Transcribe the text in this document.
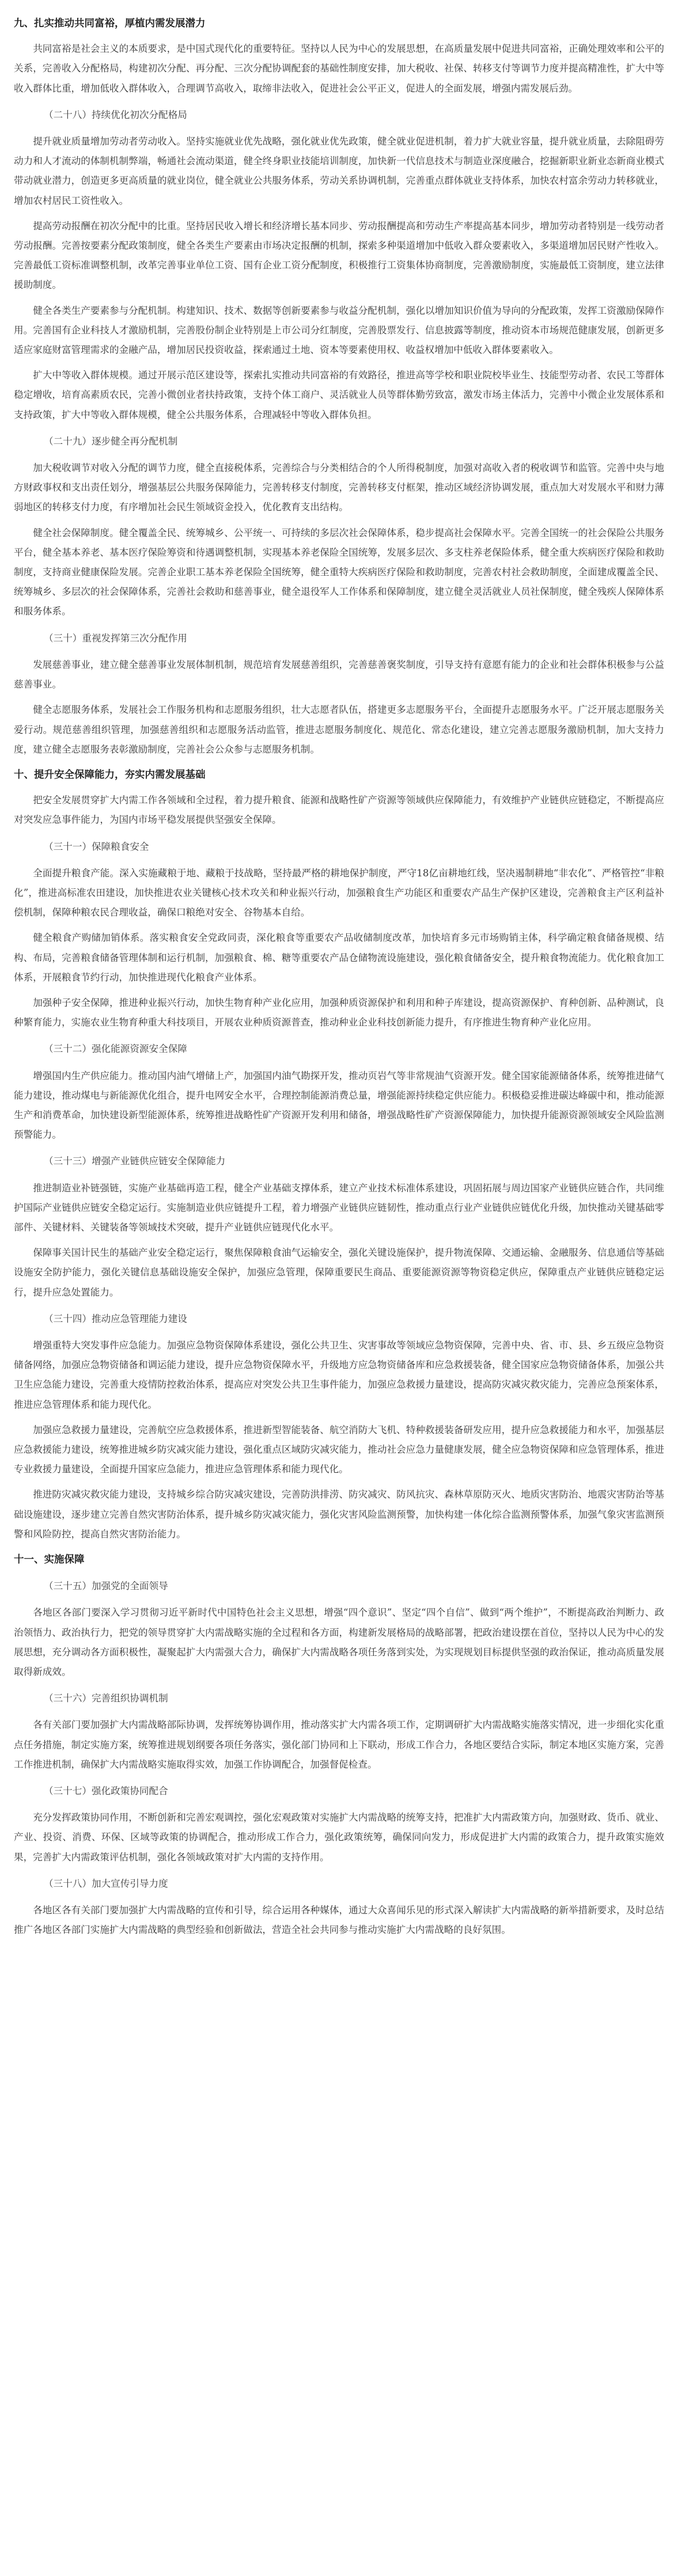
九、扎实推动共同富裕，厚植内需发展潜力
共同富裕是社会主义的本质要求，是中国式现代化的重要特征。坚持以人民为中心的发展思想，在高质量发展中促进共同富裕，正确处理效率和公平的关系，完善收入分配格局，构建初次分配、再分配、三次分配协调配套的基础性制度安排，加大税收、社保、转移支付等调节力度并提高精准性，扩大中等收入群体比重，增加低收入群体收入，合理调节高收入，取缔非法收入，促进社会公平正义，促进人的全面发展，增强内需发展后劲。
（二十八）持续优化初次分配格局
提升就业质量增加劳动者劳动收入。坚持实施就业优先战略，强化就业优先政策，健全就业促进机制，着力扩大就业容量，提升就业质量，去除阻碍劳动力和人才流动的体制机制弊端，畅通社会流动渠道，健全终身职业技能培训制度，加快新一代信息技术与制造业深度融合，挖掘新职业新业态新商业模式带动就业潜力，创造更多更高质量的就业岗位，健全就业公共服务体系，劳动关系协调机制，完善重点群体就业支持体系，加快农村富余劳动力转移就业，增加农村居民工资性收入。
提高劳动报酬在初次分配中的比重。坚持居民收入增长和经济增长基本同步、劳动报酬提高和劳动生产率提高基本同步，增加劳动者特别是一线劳动者劳动报酬。完善按要素分配政策制度，健全各类生产要素由市场决定报酬的机制，探索多种渠道增加中低收入群众要素收入，多渠道增加居民财产性收入。完善最低工资标准调整机制，改革完善事业单位工资、国有企业工资分配制度，积极推行工资集体协商制度，完善激励制度，实施最低工资制度，建立法律援助制度。
健全各类生产要素参与分配机制。构建知识、技术、数据等创新要素参与收益分配机制，强化以增加知识价值为导向的分配政策，发挥工资激励保障作用。完善国有企业科技人才激励机制，完善股份制企业特别是上市公司分红制度，完善股票发行、信息披露等制度，推动资本市场规范健康发展，创新更多适应家庭财富管理需求的金融产品，增加居民投资收益，探索通过土地、资本等要素使用权、收益权增加中低收入群体要素收入。
扩大中等收入群体规模。通过开展示范区建设等，探索扎实推动共同富裕的有效路径，推进高等学校和职业院校毕业生、技能型劳动者、农民工等群体稳定增收，培育高素质农民，完善小微创业者扶持政策，支持个体工商户、灵活就业人员等群体勤劳致富，激发市场主体活力，完善中小微企业发展体系和支持政策，扩大中等收入群体规模，健全公共服务体系，合理减轻中等收入群体负担。
（二十九）逐步健全再分配机制
加大税收调节对收入分配的调节力度，健全直接税体系，完善综合与分类相结合的个人所得税制度，加强对高收入者的税收调节和监管。完善中央与地方财政事权和支出责任划分，增强基层公共服务保障能力，完善转移支付制度，完善转移支付框架，推动区域经济协调发展，重点加大对发展水平和财力薄弱地区的转移支付力度，有序增加社会民生领域资金投入，优化教育支出结构。
健全社会保障制度。健全覆盖全民、统筹城乡、公平统一、可持续的多层次社会保障体系，稳步提高社会保障水平。完善全国统一的社会保险公共服务平台，健全基本养老、基本医疗保险筹资和待遇调整机制，实现基本养老保险全国统筹，发展多层次、多支柱养老保险体系，健全重大疾病医疗保险和救助制度，支持商业健康保险发展。完善企业职工基本养老保险全国统筹，健全重特大疾病医疗保险和救助制度，完善农村社会救助制度，全面建成覆盖全民、统筹城乡、多层次的社会保障体系，完善社会救助和慈善事业，健全退役军人工作体系和保障制度，建立健全灵活就业人员社保制度，健全残疾人保障体系和服务体系。
（三十）重视发挥第三次分配作用
发展慈善事业，建立健全慈善事业发展体制机制，规范培育发展慈善组织，完善慈善褒奖制度，引导支持有意愿有能力的企业和社会群体积极参与公益慈善事业。
健全志愿服务体系，发展社会工作服务机构和志愿服务组织，壮大志愿者队伍，搭建更多志愿服务平台，全面提升志愿服务水平。广泛开展志愿服务关爱行动。规范慈善组织管理，加强慈善组织和志愿服务活动监管，推进志愿服务制度化、规范化、常态化建设，建立完善志愿服务激励机制，加大支持力度，建立健全志愿服务表彰激励制度，完善社会公众参与志愿服务机制。
十、提升安全保障能力，夯实内需发展基础
把安全发展贯穿扩大内需工作各领域和全过程，着力提升粮食、能源和战略性矿产资源等领域供应保障能力，有效维护产业链供应链稳定，不断提高应对突发应急事件能力，为国内市场平稳发展提供坚强安全保障。
（三十一）保障粮食安全
全面提升粮食产能。深入实施藏粮于地、藏粮于技战略，坚持最严格的耕地保护制度，严守18亿亩耕地红线，坚决遏制耕地“非农化”、严格管控“非粮化”，推进高标准农田建设，加快推进农业关键核心技术攻关和种业振兴行动，加强粮食生产功能区和重要农产品生产保护区建设，完善粮食主产区利益补偿机制，保障种粮农民合理收益，确保口粮绝对安全、谷物基本自给。
健全粮食产购储加销体系。落实粮食安全党政同责，深化粮食等重要农产品收储制度改革，加快培育多元市场购销主体，科学确定粮食储备规模、结构、布局，完善粮食储备管理体制和运行机制，加强粮食、棉、糖等重要农产品仓储物流设施建设，强化粮食储备安全，提升粮食物流能力。优化粮食加工体系，开展粮食节约行动，加快推进现代化粮食产业体系。
加强种子安全保障，推进种业振兴行动，加快生物育种产业化应用，加强种质资源保护和利用和种子库建设，提高资源保护、育种创新、品种测试，良种繁育能力，实施农业生物育种重大科技项目，开展农业种质资源普查，推动种业企业科技创新能力提升，有序推进生物育种产业化应用。
（三十二）强化能源资源安全保障
增强国内生产供应能力。推动国内油气增储上产，加强国内油气勘探开发，推动页岩气等非常规油气资源开发。健全国家能源储备体系，统筹推进储气能力建设，推动煤电与新能源优化组合，提升电网安全水平，合理控制能源消费总量，增强能源持续稳定供应能力。积极稳妥推进碳达峰碳中和，推动能源生产和消费革命，加快建设新型能源体系，统筹推进战略性矿产资源开发利用和储备，增强战略性矿产资源保障能力，加快提升能源资源领域安全风险监测预警能力。
（三十三）增强产业链供应链安全保障能力
推进制造业补链强链，实施产业基础再造工程，健全产业基础支撑体系，建立产业技术标准体系建设，巩固拓展与周边国家产业链供应链合作，共同维护国际产业链供应链安全稳定运行。实施制造业供应链提升工程，着力增强产业链供应链韧性，推动重点行业产业链供应链优化升级，加快推动关键基础零部件、关键材料、关键装备等领域技术突破，提升产业链供应链现代化水平。
保障事关国计民生的基础产业安全稳定运行，聚焦保障粮食油气运输安全，强化关键设施保护，提升物流保障、交通运输、金融服务、信息通信等基础设施安全防护能力，强化关键信息基础设施安全保护，加强应急管理，保障重要民生商品、重要能源资源等物资稳定供应，保障重点产业链供应链稳定运行，提升应急处置能力。
（三十四）推动应急管理能力建设
增强重特大突发事件应急能力。加强应急物资保障体系建设，强化公共卫生、灾害事故等领域应急物资保障，完善中央、省、市、县、乡五级应急物资储备网络，加强应急物资储备和调运能力建设，提升应急物资保障水平，升级地方应急物资储备库和应急救援装备，健全国家应急物资储备体系，加强公共卫生应急能力建设，完善重大疫情防控救治体系，提高应对突发公共卫生事件能力，加强应急救援力量建设，提高防灾减灾救灾能力，完善应急预案体系，推进应急管理体系和能力现代化。
加强应急救援力量建设，完善航空应急救援体系，推进新型智能装备、航空消防大飞机、特种救援装备研发应用，提升应急救援能力和水平，加强基层应急救援能力建设，统筹推进城乡防灾减灾能力建设，强化重点区域防灾减灾能力，推动社会应急力量健康发展，健全应急物资保障和应急管理体系，推进专业救援力量建设，全面提升国家应急能力，推进应急管理体系和能力现代化。
推进防灾减灾救灾能力建设，支持城乡综合防灾减灾建设，完善防洪排涝、防灾减灾、防风抗灾、森林草原防灭火、地质灾害防治、地震灾害防治等基础设施建设，逐步建立完善自然灾害防治体系，提升城乡防灾减灾能力，强化灾害风险监测预警，加快构建一体化综合监测预警体系，加强气象灾害监测预警和风险防控，提高自然灾害防治能力。
十一、实施保障
（三十五）加强党的全面领导
各地区各部门要深入学习贯彻习近平新时代中国特色社会主义思想，增强“四个意识”、坚定“四个自信”、做到“两个维护”，不断提高政治判断力、政治领悟力、政治执行力，把党的领导贯穿扩大内需战略实施的全过程和各方面，构建新发展格局的战略部署，把政治建设摆在首位，坚持以人民为中心的发展思想，充分调动各方面积极性，凝聚起扩大内需强大合力，确保扩大内需战略各项任务落到实处，为实现规划目标提供坚强的政治保证，推动高质量发展取得新成效。
（三十六）完善组织协调机制
各有关部门要加强扩大内需战略部际协调，发挥统筹协调作用，推动落实扩大内需各项工作，定期调研扩大内需战略实施落实情况，进一步细化实化重点任务措施，制定实施方案，统筹推进规划纲要各项任务落实，强化部门协同和上下联动，形成工作合力，各地区要结合实际，制定本地区实施方案，完善工作推进机制，确保扩大内需战略实施取得实效，加强工作协调配合，加强督促检查。
（三十七）强化政策协同配合
充分发挥政策协同作用，不断创新和完善宏观调控，强化宏观政策对实施扩大内需战略的统筹支持，把准扩大内需政策方向，加强财政、货币、就业、产业、投资、消费、环保、区域等政策的协调配合，推动形成工作合力，强化政策统筹，确保同向发力，形成促进扩大内需的政策合力，提升政策实施效果，完善扩大内需政策评估机制，强化各领域政策对扩大内需的支持作用。
（三十八）加大宣传引导力度
各地区各有关部门要加强扩大内需战略的宣传和引导，综合运用各种媒体，通过大众喜闻乐见的形式深入解读扩大内需战略的新举措新要求，及时总结推广各地区各部门实施扩大内需战略的典型经验和创新做法，营造全社会共同参与推动实施扩大内需战略的良好氛围。
